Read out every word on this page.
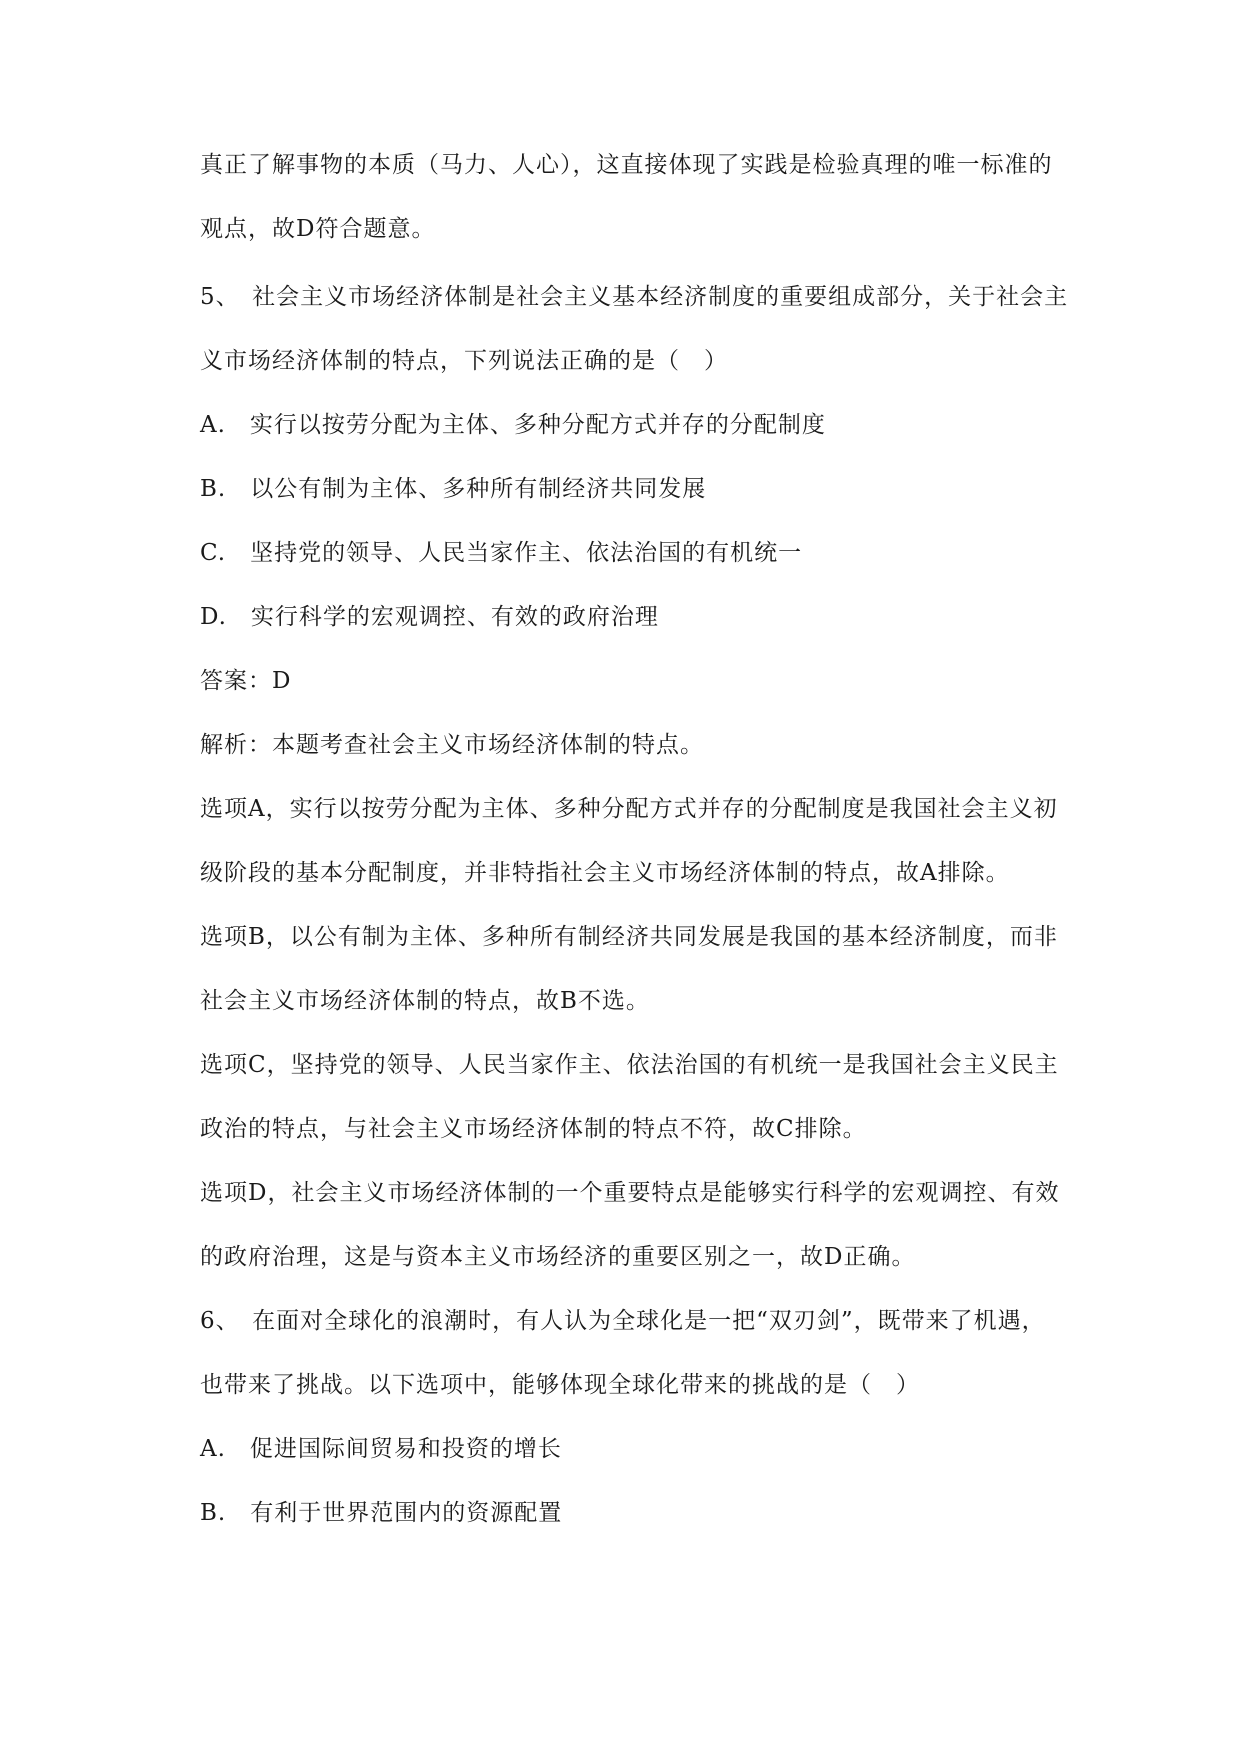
真正了解事物的本质（马力、人心），这直接体现了实践是检验真理的唯一标准的
观点，故D符合题意。
5、　社会主义市场经济体制是社会主义基本经济制度的重要组成部分，关于社会主
义市场经济体制的特点，下列说法正确的是（　）
A.　实行以按劳分配为主体、多种分配方式并存的分配制度
B.　以公有制为主体、多种所有制经济共同发展
C.　坚持党的领导、人民当家作主、依法治国的有机统一
D.　实行科学的宏观调控、有效的政府治理
答案：D
解析：本题考查社会主义市场经济体制的特点。
选项A，实行以按劳分配为主体、多种分配方式并存的分配制度是我国社会主义初
级阶段的基本分配制度，并非特指社会主义市场经济体制的特点，故A排除。
选项B，以公有制为主体、多种所有制经济共同发展是我国的基本经济制度，而非
社会主义市场经济体制的特点，故B不选。
选项C，坚持党的领导、人民当家作主、依法治国的有机统一是我国社会主义民主
政治的特点，与社会主义市场经济体制的特点不符，故C排除。
选项D，社会主义市场经济体制的一个重要特点是能够实行科学的宏观调控、有效
的政府治理，这是与资本主义市场经济的重要区别之一，故D正确。
6、　在面对全球化的浪潮时，有人认为全球化是一把“双刃剑”，既带来了机遇，
也带来了挑战。以下选项中，能够体现全球化带来的挑战的是（　）
A.　促进国际间贸易和投资的增长
B.　有利于世界范围内的资源配置
